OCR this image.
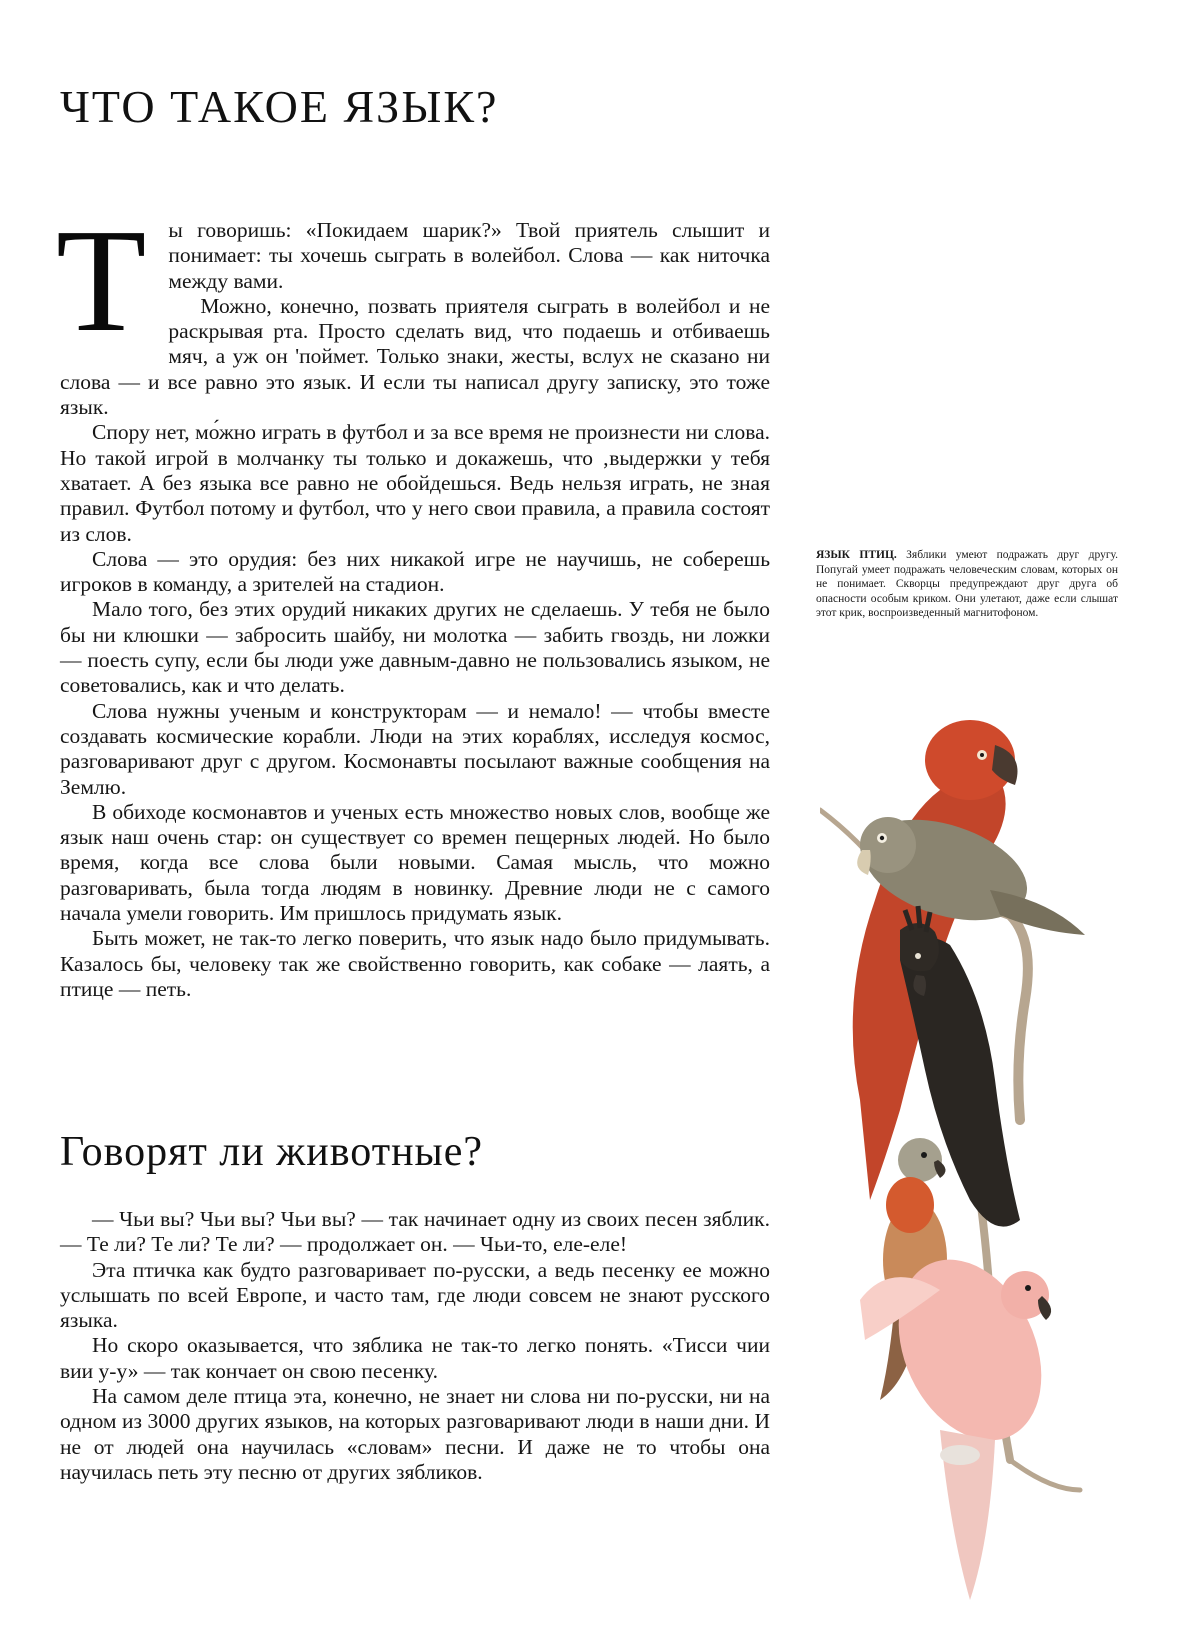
ЧТО ТАКОЕ ЯЗЫК?
Т	ы говоришь: «Покидаем шарик?» Твой приятель слышит и понимает: ты хочешь сыграть в волейбол. Слова — как ниточка между вами.

Можно, конечно, позвать приятеля сыграть в волейбол и не раскрывая рта. Просто сделать вид, что подаешь и отбиваешь мяч, а уж он 'поймет. Только знаки, жесты, вслух не сказано ни слова — и все равно это язык. И если ты написал другу записку, это тоже язык.

Спору нет, мо́жно играть в футбол и за все время не произнести ни слова. Но такой игрой в молчанку ты только и докажешь, что ‚выдержки у тебя хватает. А без языка все равно не обойдешься. Ведь нельзя играть, не зная правил. Футбол потому и футбол, что у него свои правила, а правила состоят из слов.

Слова — это орудия: без них никакой игре не научишь, не соберешь игроков в команду, а зрителей на стадион.

Мало того, без этих орудий никаких других не сделаешь. У тебя не было бы ни клюшки — забросить шайбу, ни молотка — забить гвоздь, ни ложки — поесть супу, если бы люди уже давным-давно не пользовались языком, не советовались, как и что делать.

Слова нужны ученым и конструкторам — и немало! — чтобы вместе создавать космические корабли. Люди на этих кораблях, исследуя космос, разговаривают друг с другом. Космонавты посылают важные сообщения на Землю.

В обиходе космонавтов и ученых есть множество новых слов, вообще же язык наш очень стар: он существует со времен пещерных людей. Но было время, когда все слова были новыми. Самая мысль, что можно разговаривать, была тогда людям в новинку. Древние люди не с самого начала умели говорить. Им пришлось придумать язык.

Быть может, не так-то легко поверить, что язык надо было придумывать. Казалось бы, человеку так же свойственно говорить, как собаке — лаять, а птице — петь.

Говорят ли животные?

— Чьи вы? Чьи вы? Чьи вы? — так начинает одну из своих песен зяблик. — Те ли? Те ли? Те ли? — продолжает он. — Чьи-то, еле-еле!

Эта птичка как будто разговаривает по-русски, а ведь песенку ее можно услышать по всей Европе, и часто там, где люди совсем не знают русского языка.

Но скоро оказывается, что зяблика не так-то легко понять. «Тисси чии вии у-у» — так кончает он свою песенку.

На самом деле птица эта, конечно, не знает ни слова ни по-русски, ни на одном из 3000 других языков, на которых разговаривают люди в наши дни. И не от людей она научилась «словам» песни. И даже не то чтобы она научилась петь эту песню от других зябликов.

ЯЗЫК ПТИЦ. Зяблики умеют подражать друг другу. Попугай умеет подражать человеческим словам, которых он не понимает. Скворцы предупреждают друг друга об опасности особым криком. Они улетают, даже если слышат этот крик, воспроизведенный магнитофоном.
